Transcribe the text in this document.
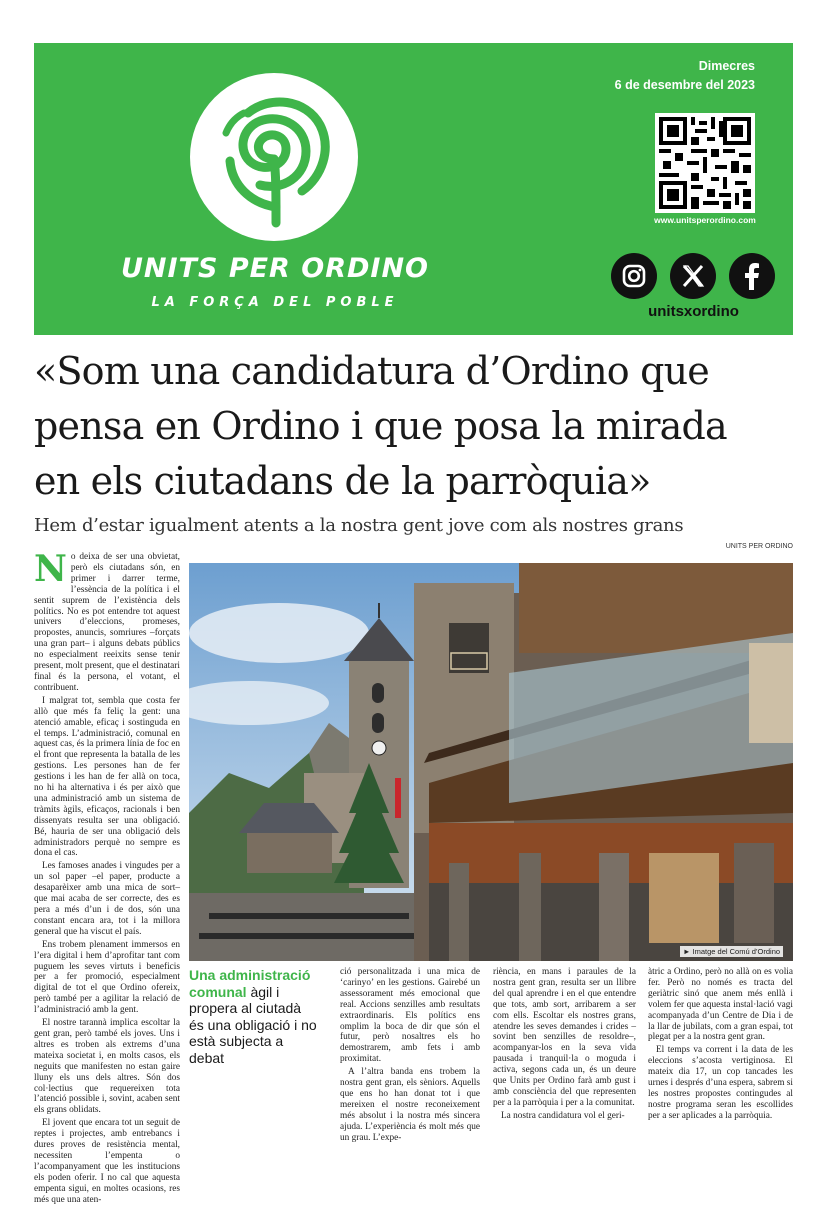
UNITS PER ORDINO
LA FORÇA DEL POBLE
Dimecres
6 de desembre del 2023
www.unitsperordino.com
unitsxordino
«Som una candidatura d’Ordino que
pensa en Ordino i que posa la mirada
en els ciutadans de la parròquia»
Hem d’estar igualment atents a la nostra gent jove com als nostres grans
UNITS PER ORDINO

No deixa de ser una obvietat, però els ciutadans són, en primer i darrer terme, l’essència de la política i el sentit suprem de l’existència dels polítics. No es pot entendre tot aquest univers d’eleccions, promeses, propostes, anuncis, somriures –forçats una gran part– i alguns debats públics no especialment reeixits sense tenir present, molt present, que el destinatari final és la persona, el votant, el contribuent.

I malgrat tot, sembla que costa fer allò que més fa feliç la gent: una atenció amable, eficaç i sostinguda en el temps. L’administració, comunal en aquest cas, és la primera línia de foc en el front que representa la batalla de les gestions. Les persones han de fer gestions i les han de fer allà on toca, no hi ha alternativa i és per això que una administració amb un sistema de tràmits àgils, eficaços, racionals i ben dissenyats resulta ser una obligació. Bé, hauria de ser una obligació dels administradors perquè no sempre es dona el cas.

Les famoses anades i vingudes per a un sol paper –el paper, producte a desaparèixer amb una mica de sort– que mai acaba de ser correcte, des es pera a més d’un i de dos, són una constant encara ara, tot i la millora general que ha viscut el país.

Ens trobem plenament immersos en l’era digital i hem d’aprofitar tant com puguem les seves virtuts i beneficis per a fer promoció, especialment digital de tot el que Ordino ofereix, però també per a agilitar la relació de l’administració amb la gent.

El nostre tarannà implica escoltar la gent gran, però també els joves. Uns i altres es troben als extrems d’una mateixa societat i, en molts casos, els neguits que manifesten no estan gaire lluny els uns dels altres. Són dos col·lectius que requereixen tota l’atenció possible i, sovint, acaben sent els grans oblidats.

El jovent que encara tot un seguit de reptes i projectes, amb entrebancs i dures proves de resistència mental, necessiten l’empenta o l’acompanyament que les institucions els poden oferir. I no cal que aquesta empenta sigui, en moltes ocasions, res més que una aten-

► Imatge del Comú d’Ordino
Una administració comunal àgil i propera al ciutadà és una obligació i no està subjecta a debat

ció personalitzada i una mica de ‘carinyo’ en les gestions. Gairebé un assessorament més emocional que real. Accions senzilles amb resultats extraordinaris. Els polítics ens omplim la boca de dir que són el futur, però nosaltres els ho demostrarem, amb fets i amb proximitat.

A l’altra banda ens trobem la nostra gent gran, els sèniors. Aquells que ens ho han donat tot i que mereixen el nostre reconeixement més absolut i la nostra més sincera ajuda. L’experiència és molt més que un grau. L’expe-

riència, en mans i paraules de la nostra gent gran, resulta ser un llibre del qual aprendre i en el que entendre que tots, amb sort, arribarem a ser com ells. Escoltar els nostres grans, atendre les seves demandes i crides –sovint ben senzilles de resoldre–, acompanyar-los en la seva vida pausada i tranquil·la o moguda i activa, segons cada un, és un deure que Units per Ordino farà amb gust i amb consciència del que representen per a la parròquia i per a la comunitat.

La nostra candidatura vol el geri-

àtric a Ordino, però no allà on es volia fer. Però no només es tracta del geriàtric sinó que anem més enllà i volem fer que aquesta instal·lació vagi acompanyada d’un Centre de Dia i de la llar de jubilats, com a gran espai, tot plegat per a la nostra gent gran.

El temps va corrent i la data de les eleccions s’acosta vertiginosa. El mateix dia 17, un cop tancades les urnes i després d’una espera, sabrem si les nostres propostes contingudes al nostre programa seran les escollides per a ser aplicades a la parròquia.
